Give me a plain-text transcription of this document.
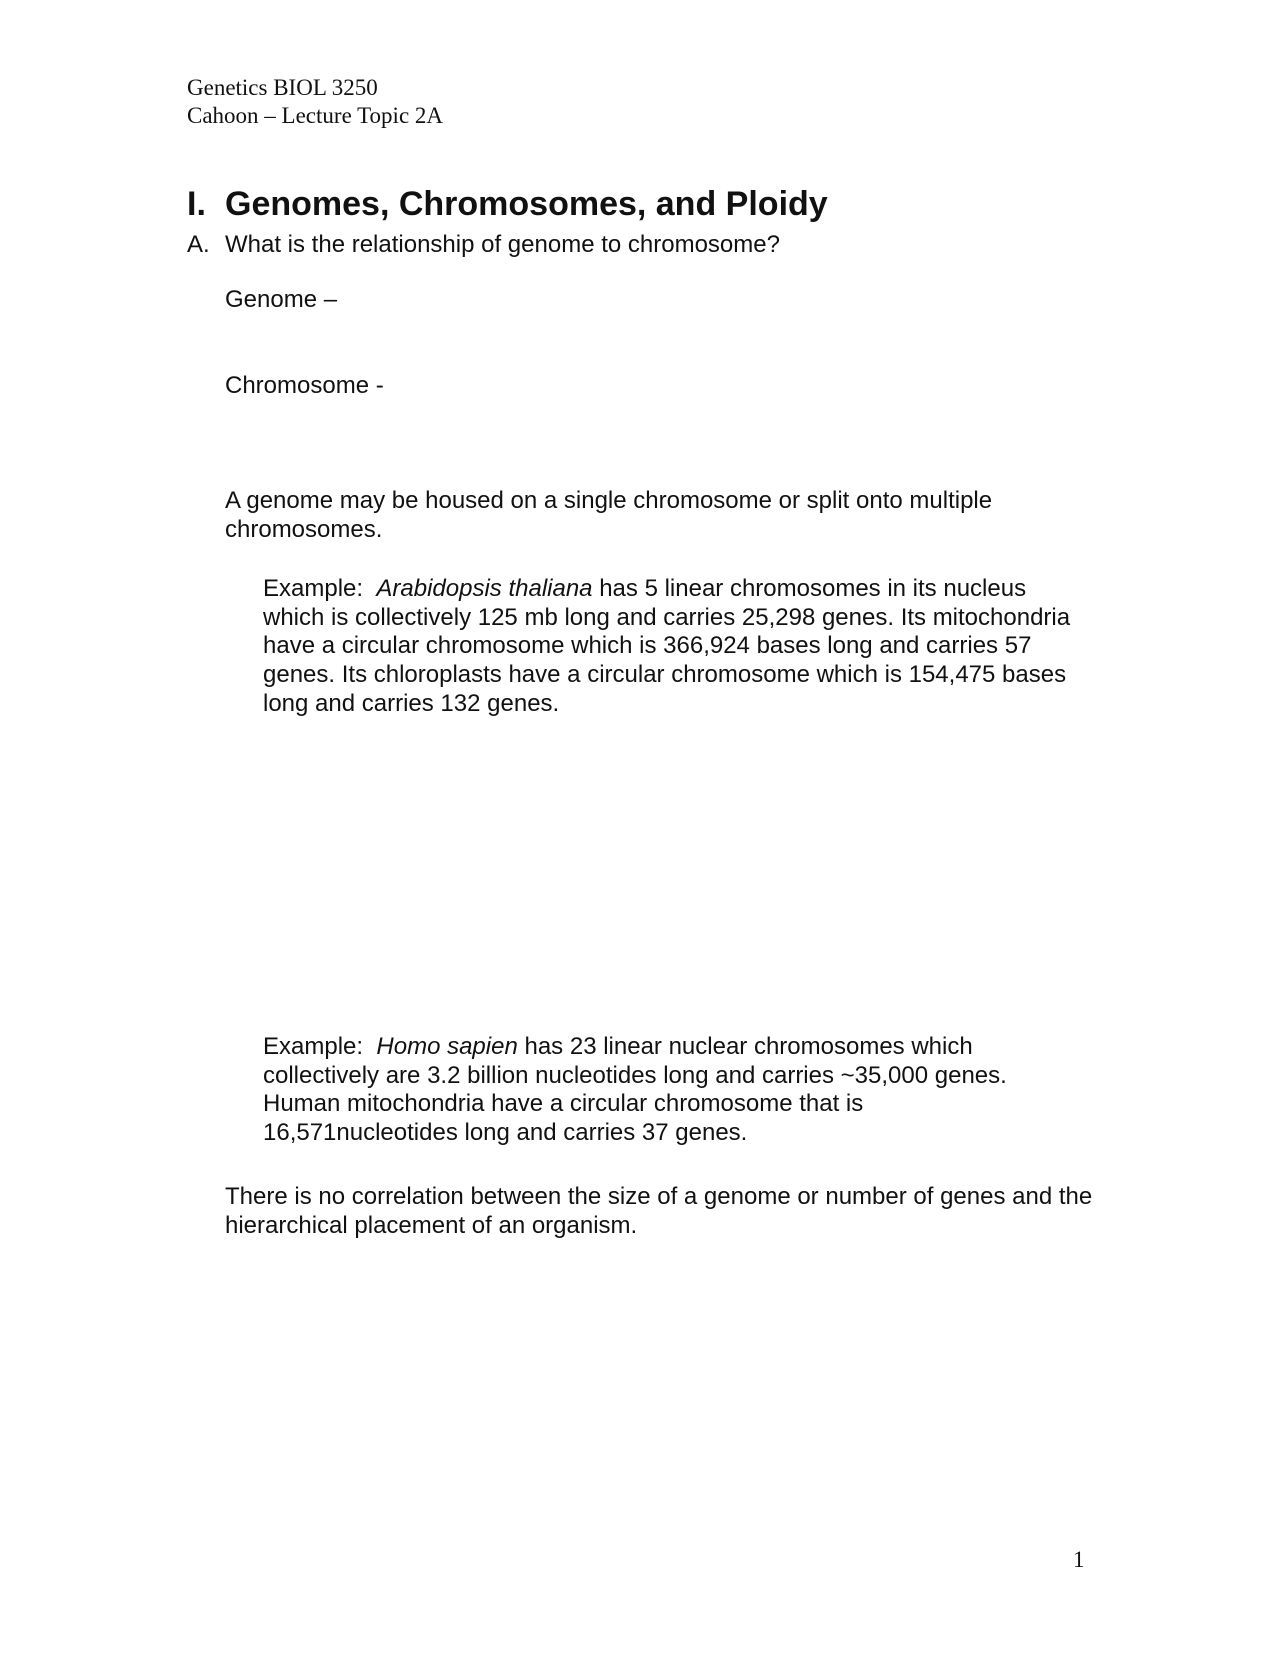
Genetics BIOL 3250
Cahoon – Lecture Topic 2A
I. Genomes, Chromosomes, and Ploidy
A. What is the relationship of genome to chromosome?
Genome –
Chromosome -
A genome may be housed on a single chromosome or split onto multiple chromosomes.
Example:  Arabidopsis thaliana has 5 linear chromosomes in its nucleus which is collectively 125 mb long and carries 25,298 genes. Its mitochondria have a circular chromosome which is 366,924 bases long and carries 57 genes. Its chloroplasts have a circular chromosome which is 154,475 bases long and carries 132 genes.
Example:  Homo sapien has 23 linear nuclear chromosomes which collectively are 3.2 billion nucleotides long and carries ~35,000 genes. Human mitochondria have a circular chromosome that is 16,571nucleotides long and carries 37 genes.
There is no correlation between the size of a genome or number of genes and the hierarchical placement of an organism.
1
